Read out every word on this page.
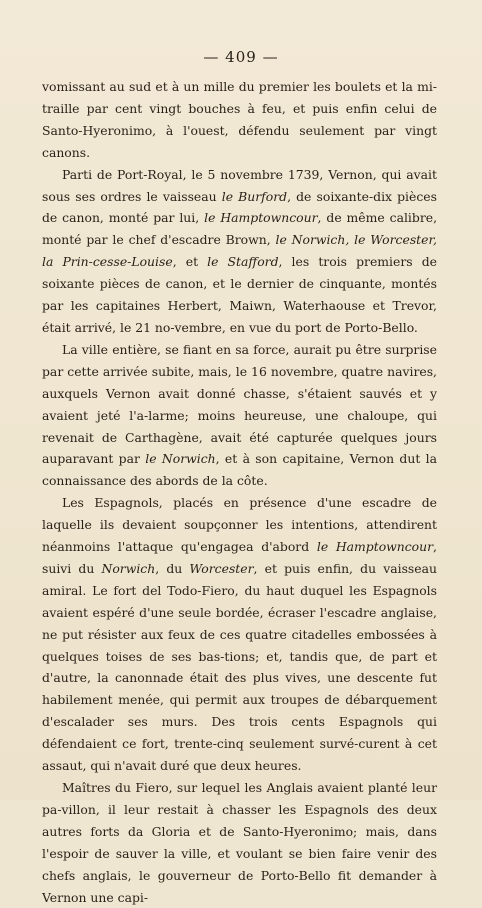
— 409 —

vomissant au sud et à un mille du premier les boulets et la mi-traille par cent vingt bouches à feu, et puis enfin celui de Santo-Hyeronimo, à l'ouest, défendu seulement par vingt canons.

Parti de Port-Royal, le 5 novembre 1739, Vernon, qui avait sous ses ordres le vaisseau le Burford, de soixante-dix pièces de canon, monté par lui, le Hamptowncour, de même calibre, monté par le chef d'escadre Brown, le Norwich, le Worcester, la Prin-cesse-Louise, et le Stafford, les trois premiers de soixante pièces de canon, et le dernier de cinquante, montés par les capitaines Herbert, Maiwn, Waterhaouse et Trevor, était arrivé, le 21 no-vembre, en vue du port de Porto-Bello.

La ville entière, se fiant en sa force, aurait pu être surprise par cette arrivée subite, mais, le 16 novembre, quatre navires, auxquels Vernon avait donné chasse, s'étaient sauvés et y avaient jeté l'a-larme; moins heureuse, une chaloupe, qui revenait de Carthagène, avait été capturée quelques jours auparavant par le Norwich, et à son capitaine, Vernon dut la connaissance des abords de la côte.

Les Espagnols, placés en présence d'une escadre de laquelle ils devaient soupçonner les intentions, attendirent néanmoins l'attaque qu'engagea d'abord le Hamptowncour, suivi du Norwich, du Worcester, et puis enfin, du vaisseau amiral. Le fort del Todo-Fiero, du haut duquel les Espagnols avaient espéré d'une seule bordée, écraser l'escadre anglaise, ne put résister aux feux de ces quatre citadelles embossées à quelques toises de ses bas-tions; et, tandis que, de part et d'autre, la canonnade était des plus vives, une descente fut habilement menée, qui permit aux troupes de débarquement d'escalader ses murs. Des trois cents Espagnols qui défendaient ce fort, trente-cinq seulement survé-curent à cet assaut, qui n'avait duré que deux heures.

Maîtres du Fiero, sur lequel les Anglais avaient planté leur pa-villon, il leur restait à chasser les Espagnols des deux autres forts da Gloria et de Santo-Hyeronimo; mais, dans l'espoir de sauver la ville, et voulant se bien faire venir des chefs anglais, le gouverneur de Porto-Bello fit demander à Vernon une capi-
